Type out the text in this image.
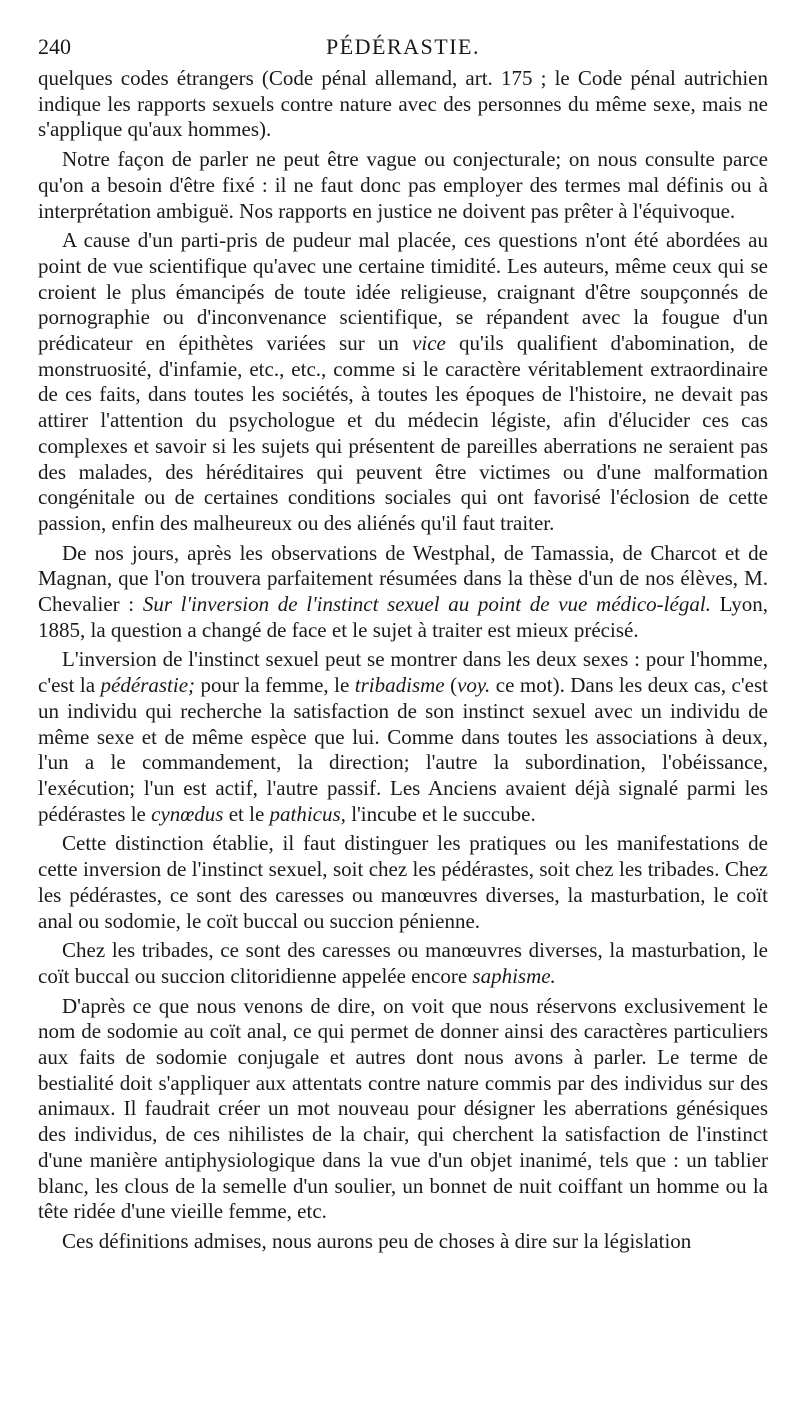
240	PÉDÉRASTIE.

quelques codes étrangers (Code pénal allemand, art. 175 ; le Code pénal autrichien indique les rapports sexuels contre nature avec des personnes du même sexe, mais ne s'applique qu'aux hommes).

Notre façon de parler ne peut être vague ou conjecturale; on nous consulte parce qu'on a besoin d'être fixé : il ne faut donc pas employer des termes mal définis ou à interprétation ambiguë. Nos rapports en justice ne doivent pas prêter à l'équivoque.

A cause d'un parti-pris de pudeur mal placée, ces questions n'ont été abordées au point de vue scientifique qu'avec une certaine timidité. Les auteurs, même ceux qui se croient le plus émancipés de toute idée religieuse, craignant d'être soupçonnés de pornographie ou d'inconvenance scientifique, se répandent avec la fougue d'un prédicateur en épithètes variées sur un vice qu'ils qualifient d'abomination, de monstruosité, d'infamie, etc., etc., comme si le caractère véritablement extraordinaire de ces faits, dans toutes les sociétés, à toutes les époques de l'histoire, ne devait pas attirer l'attention du psychologue et du médecin légiste, afin d'élucider ces cas complexes et savoir si les sujets qui présentent de pareilles aberrations ne seraient pas des malades, des héréditaires qui peuvent être victimes ou d'une malformation congénitale ou de certaines conditions sociales qui ont favorisé l'éclosion de cette passion, enfin des malheureux ou des aliénés qu'il faut traiter.

De nos jours, après les observations de Westphal, de Tamassia, de Charcot et de Magnan, que l'on trouvera parfaitement résumées dans la thèse d'un de nos élèves, M. Chevalier : Sur l'inversion de l'instinct sexuel au point de vue médico-légal. Lyon, 1885, la question a changé de face et le sujet à traiter est mieux précisé.

L'inversion de l'instinct sexuel peut se montrer dans les deux sexes : pour l'homme, c'est la pédérastie; pour la femme, le tribadisme (voy. ce mot). Dans les deux cas, c'est un individu qui recherche la satisfaction de son instinct sexuel avec un individu de même sexe et de même espèce que lui. Comme dans toutes les associations à deux, l'un a le commandement, la direction; l'autre la subordination, l'obéissance, l'exécution; l'un est actif, l'autre passif. Les Anciens avaient déjà signalé parmi les pédérastes le cynœdus et le pathicus, l'incube et le succube.

Cette distinction établie, il faut distinguer les pratiques ou les manifestations de cette inversion de l'instinct sexuel, soit chez les pédérastes, soit chez les tribades. Chez les pédérastes, ce sont des caresses ou manœuvres diverses, la masturbation, le coït anal ou sodomie, le coït buccal ou succion pénienne.

Chez les tribades, ce sont des caresses ou manœuvres diverses, la masturbation, le coït buccal ou succion clitoridienne appelée encore saphisme.

D'après ce que nous venons de dire, on voit que nous réservons exclusivement le nom de sodomie au coït anal, ce qui permet de donner ainsi des caractères particuliers aux faits de sodomie conjugale et autres dont nous avons à parler. Le terme de bestialité doit s'appliquer aux attentats contre nature commis par des individus sur des animaux. Il faudrait créer un mot nouveau pour désigner les aberrations génésiques des individus, de ces nihilistes de la chair, qui cherchent la satisfaction de l'instinct d'une manière antiphysiologique dans la vue d'un objet inanimé, tels que : un tablier blanc, les clous de la semelle d'un soulier, un bonnet de nuit coiffant un homme ou la tête ridée d'une vieille femme, etc.

Ces définitions admises, nous aurons peu de choses à dire sur la législation
